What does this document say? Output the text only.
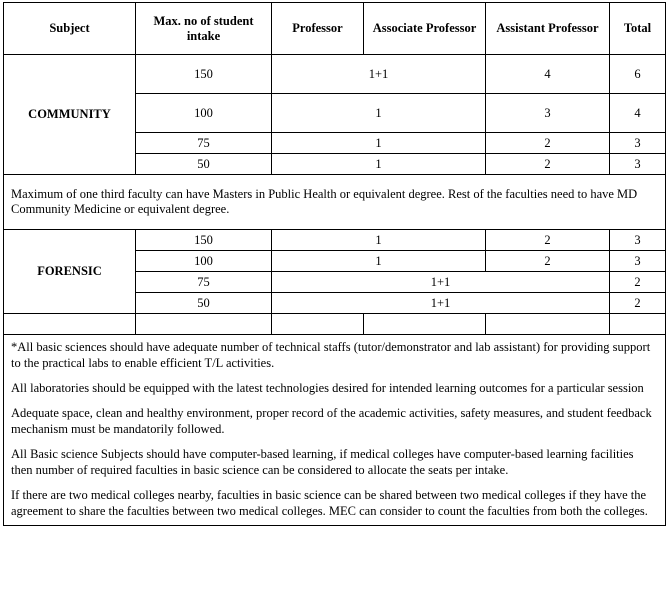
Subject	Max. no of student intake	Professor	Associate Professor	Assistant Professor	Total
COMMUNITY	150	1+1		4	6
	100	1		3	4
	75	1		2	3
	50	1		2	3
Maximum of one third faculty can have Masters in Public Health or equivalent degree. Rest of the faculties need to have MD Community Medicine or equivalent degree.					
FORENSIC	150	1		2	3
	100	1		2	3
	75	1+1			2
	50	1+1			2

*All basic sciences should have adequate number of technical staffs (tutor/demonstrator and lab assistant) for providing support to the practical labs to enable efficient T/L activities.

All laboratories should be equipped with the latest technologies desired for intended learning outcomes for a particular session

Adequate space, clean and healthy environment, proper record of the academic activities, safety measures, and student feedback mechanism must be mandatorily followed.

All Basic science Subjects should have computer-based learning, if medical colleges have computer-based learning facilities then number of required faculties in basic science can be considered to allocate the seats per intake.

If there are two medical colleges nearby, faculties in basic science can be shared between two medical colleges if they have the agreement to share the faculties between two medical colleges. MEC can consider to count the faculties from both the colleges.					
